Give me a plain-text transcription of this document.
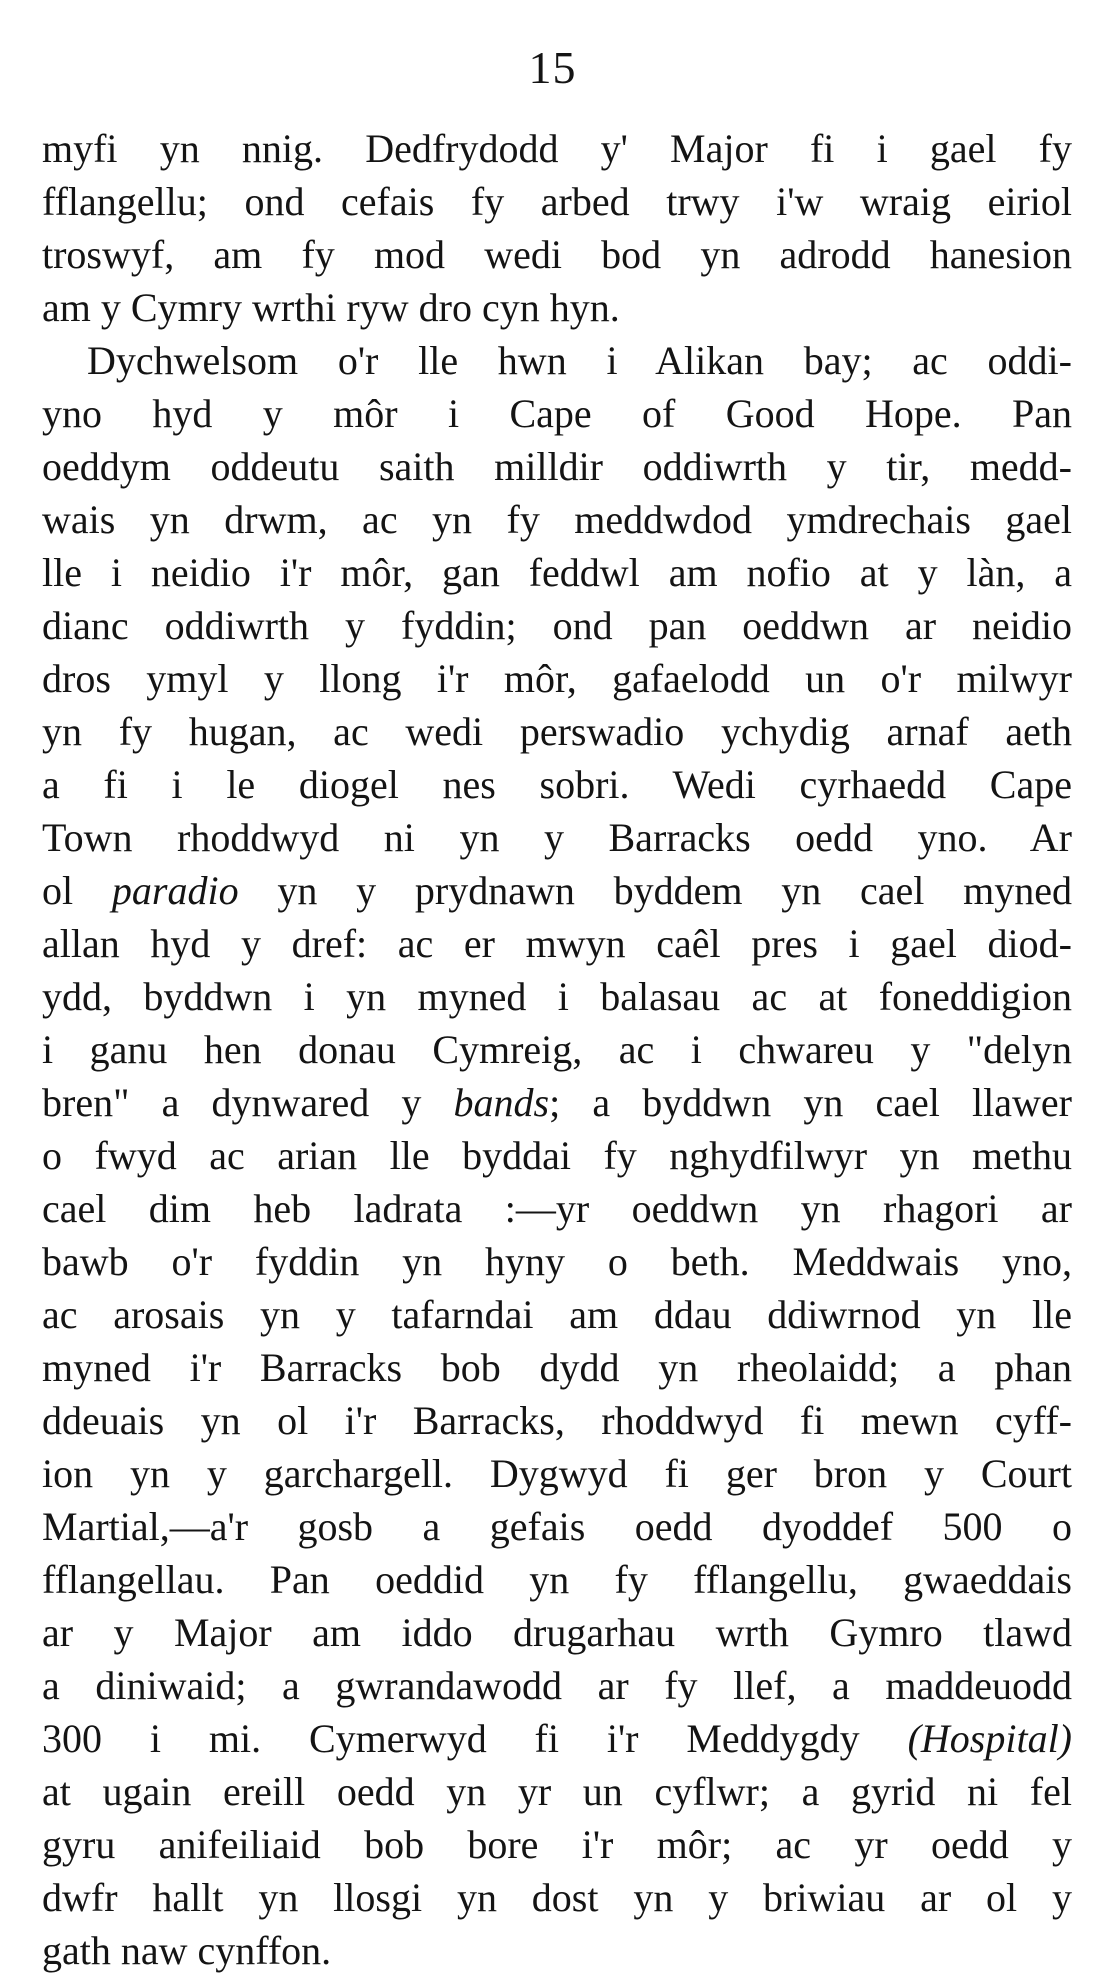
15
myfi yn nnig. Dedfrydodd y' Major fi i gael fy
fflangellu; ond cefais fy arbed trwy i'w wraig eiriol
troswyf, am fy mod wedi bod yn adrodd hanesion
am y Cymry wrthi ryw dro cyn hyn.
Dychwelsom o'r lle hwn i Alikan bay; ac oddi-
yno hyd y môr i Cape of Good Hope. Pan
oeddym oddeutu saith milldir oddiwrth y tir, medd-
wais yn drwm, ac yn fy meddwdod ymdrechais gael
lle i neidio i'r môr, gan feddwl am nofio at y làn, a
dianc oddiwrth y fyddin; ond pan oeddwn ar neidio
dros ymyl y llong i'r môr, gafaelodd un o'r milwyr
yn fy hugan, ac wedi perswadio ychydig arnaf aeth
a fi i le diogel nes sobri. Wedi cyrhaedd Cape
Town rhoddwyd ni yn y Barracks oedd yno. Ar
ol paradio yn y prydnawn byddem yn cael myned
allan hyd y dref: ac er mwyn caêl pres i gael diod-
ydd, byddwn i yn myned i balasau ac at foneddigion
i ganu hen donau Cymreig, ac i chwareu y "delyn
bren" a dynwared y bands; a byddwn yn cael llawer
o fwyd ac arian lle byddai fy nghydfilwyr yn methu
cael dim heb ladrata :—yr oeddwn yn rhagori ar
bawb o'r fyddin yn hyny o beth. Meddwais yno,
ac arosais yn y tafarndai am ddau ddiwrnod yn lle
myned i'r Barracks bob dydd yn rheolaidd; a phan
ddeuais yn ol i'r Barracks, rhoddwyd fi mewn cyff-
ion yn y garchargell. Dygwyd fi ger bron y Court
Martial,—a'r gosb a gefais oedd dyoddef 500 o
fflangellau. Pan oeddid yn fy fflangellu, gwaeddais
ar y Major am iddo drugarhau wrth Gymro tlawd
a diniwaid; a gwrandawodd ar fy llef, a maddeuodd
300 i mi. Cymerwyd fi i'r Meddygdy (Hospital)
at ugain ereill oedd yn yr un cyflwr; a gyrid ni fel
gyru anifeiliaid bob bore i'r môr; ac yr oedd y
dwfr hallt yn llosgi yn dost yn y briwiau ar ol y
gath naw cynffon.
